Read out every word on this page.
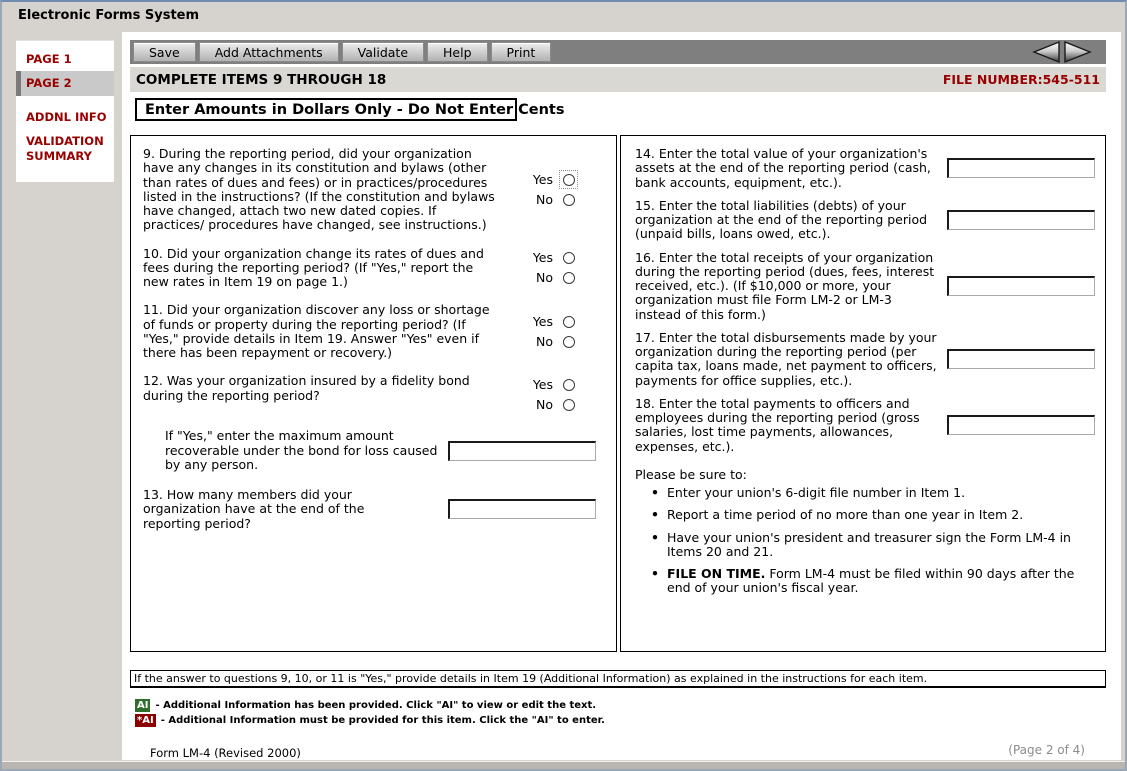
Electronic Forms System
PAGE 1
PAGE 2
ADDNL INFO
VALIDATION SUMMARY
Save	Add Attachments	Validate	Help	Print
COMPLETE ITEMS 9 THROUGH 18	FILE NUMBER:545-511
Enter Amounts in Dollars Only - Do Not Enter Cents
9. During the reporting period, did your organization have any changes in its constitution and bylaws (other than rates of dues and fees) or in practices/procedures listed in the instructions? (If the constitution and bylaws have changed, attach two new dated copies. If practices/ procedures have changed, see instructions.)
Yes
No
10. Did your organization change its rates of dues and fees during the reporting period? (If "Yes," report the new rates in Item 19 on page 1.)
Yes
No
11. Did your organization discover any loss or shortage of funds or property during the reporting period? (If "Yes," provide details in Item 19. Answer "Yes" even if there has been repayment or recovery.)
Yes
No
12. Was your organization insured by a fidelity bond during the reporting period?
Yes
No
If "Yes," enter the maximum amount recoverable under the bond for loss caused by any person.
13. How many members did your organization have at the end of the reporting period?
14. Enter the total value of your organization's assets at the end of the reporting period (cash, bank accounts, equipment, etc.).
15. Enter the total liabilities (debts) of your organization at the end of the reporting period (unpaid bills, loans owed, etc.).
16. Enter the total receipts of your organization during the reporting period (dues, fees, interest received, etc.). (If $10,000 or more, your organization must file Form LM-2 or LM-3 instead of this form.)
17. Enter the total disbursements made by your organization during the reporting period (per capita tax, loans made, net payment to officers, payments for office supplies, etc.).
18. Enter the total payments to officers and employees during the reporting period (gross salaries, lost time payments, allowances, expenses, etc.).
Please be sure to:
• Enter your union's 6-digit file number in Item 1.
• Report a time period of no more than one year in Item 2.
• Have your union's president and treasurer sign the Form LM-4 in Items 20 and 21.
• FILE ON TIME. Form LM-4 must be filed within 90 days after the end of your union's fiscal year.
If the answer to questions 9, 10, or 11 is "Yes," provide details in Item 19 (Additional Information) as explained in the instructions for each item.
AI - Additional Information has been provided. Click "AI" to view or edit the text.
*AI - Additional Information must be provided for this item. Click the "AI" to enter.
Form LM-4 (Revised 2000)	(Page 2 of 4)
